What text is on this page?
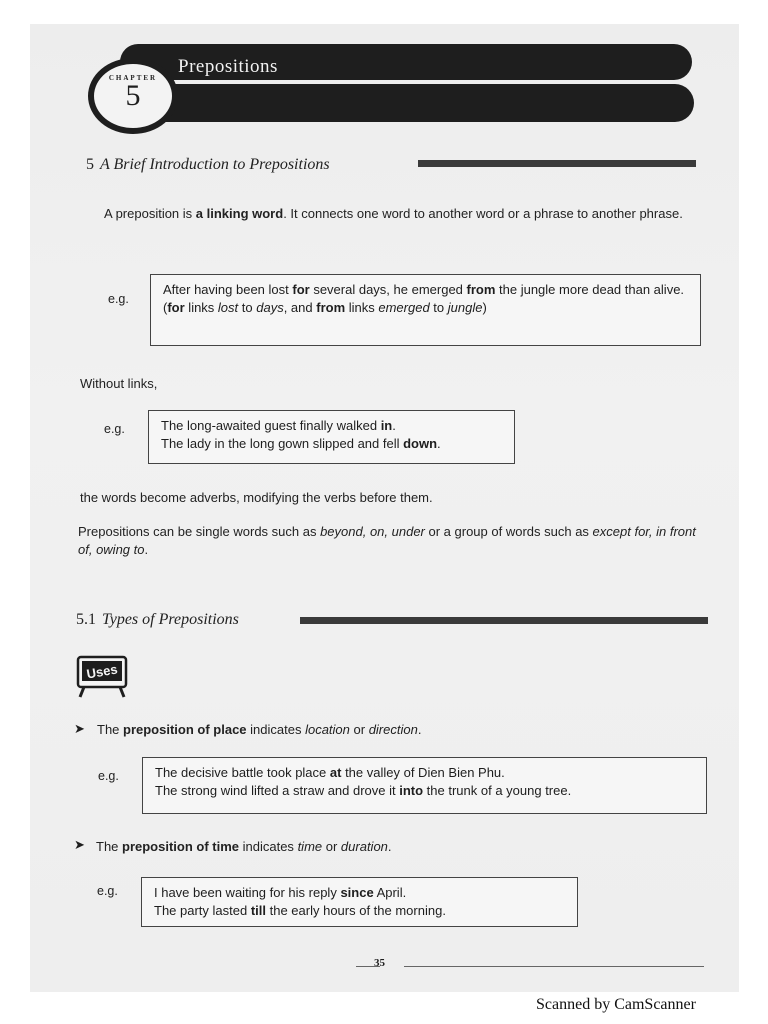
Prepositions
CHAPTER
5
5 A Brief Introduction to Prepositions
A preposition is a linking word. It connects one word to another word or a phrase to another phrase.
e.g.
After having been lost for several days, he emerged from the jungle more dead than alive.
(for links lost to days, and from links emerged to jungle)
Without links,
e.g.	The long-awaited guest finally walked in.
The lady in the long gown slipped and fell down.
the words become adverbs, modifying the verbs before them.
Prepositions can be single words such as beyond, on, under or a group of words such as except for, in front of, owing to.
5.1 Types of Prepositions
Uses
➤ The preposition of place indicates location or direction.
e.g.	The decisive battle took place at the valley of Dien Bien Phu.
The strong wind lifted a straw and drove it into the trunk of a young tree.
➤ The preposition of time indicates time or duration.
e.g.	I have been waiting for his reply since April.
The party lasted till the early hours of the morning.
35
Scanned by CamScanner
